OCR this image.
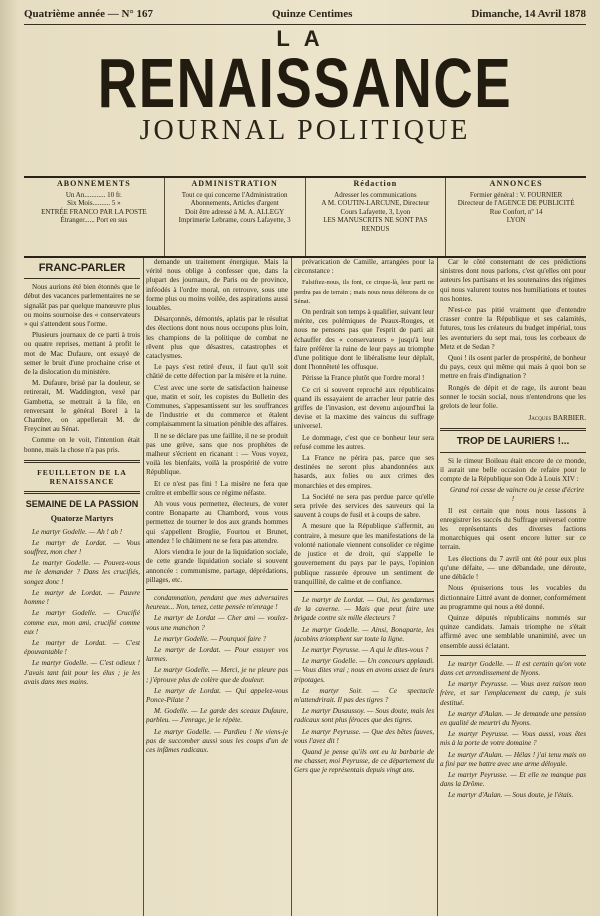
Quatrième année — N° 167	Quinze Centimes	Dimanche, 14 Avril 1878
LA
RENAISSANCE
JOURNAL POLITIQUE
ABONNEMENTS
Un An............ 10 fr.
Six Mois.......... 5 »
ENTRÉE FRANCO PAR LA POSTE
Étranger...... Port en sus
ADMINISTRATION
Tout ce qui concerne l'Administration
Abonnements, Articles d'argent
Doit être adressé à M. A. ALLEGY
Imprimerie Lebrame, cours Lafayette, 3
Rédaction
Adresser les communications
A M. COUTIN-LARCUNE, Directeur
Cours Lafayette, 3, Lyon
LES MANUSCRITS NE SONT PAS RENDUS
ANNONCES
Fermier général : V. FOURNIER
Directeur de l'AGENCE DE PUBLICITÉ
Rue Confort, nº 14
LYON
FRANC-PARLER

Nous aurions été bien étonnés que le début des vacances parlementaires ne se signalât pas par quelque manœuvre plus ou moins sournoise des « conservateurs » qui s'attendent sous l'orme.

Plusieurs journaux de ce parti à trois ou quatre reprises, mettant à profit le mot de Mac Dufaure, ont essayé de semer le bruit d'une prochaine crise et de la dislocation du ministère.

M. Dufaure, brisé par la douleur, se retirerait, M. Waddington, vexé par Gambetta, se mettrait à la file, en renversant le général Borel à la Chambre, on appellerait M. de Freycinet au Sénat.

Comme on le voit, l'intention était bonne, mais la chose n'a pas pris.

FEUILLETON DE LA RENAISSANCE
SEMAINE DE LA PASSION
Quatorze Martyrs

Le martyr Godelle. — Ah ! ah !

Le martyr de Lordat. — Vous souffrez, mon cher !

Le martyr Godelle. — Pouvez-vous me le demander ? Dans les crucifiés, songez donc !

Le martyr de Lordat. — Pauvre homme !

Le martyr Godelle. — Crucifié comme eux, mon ami, crucifié comme eux !

Le martyr de Lordat. — C'est épouvantable !

Le martyr Godelle. — C'est odieux ! J'avais tant fait pour les élus ; je les avais dans mes mains.

demande un traitement énergique. Mais la vérité nous oblige à confesser que, dans la plupart des journaux, de Paris ou de province, inféodés à l'ordre moral, on retrouve, sous une forme plus ou moins voilée, des aspirations aussi louables.

Désarçonnés, démontés, aplatis par le résultat des élections dont nous nous occupons plus loin, les champions de la politique de combat ne rêvent plus que désastres, catastrophes et cataclysmes.

Le pays s'est retiré d'eux, il faut qu'il soit châtié de cette défection par la misère et la ruine.

C'est avec une sorte de satisfaction haineuse que, matin et soir, les copistes du Bulletin des Communes, s'appesantissent sur les souffrances de l'industrie et du commerce et étalent complaisamment la situation pénible des affaires.

Il ne se déclare pas une faillite, il ne se produit pas une grève, sans que nos prophètes de malheur s'écrient en ricanant : — Vous voyez, voilà les bienfaits, voilà la prospérité de votre République.

Et ce n'est pas fini ! La misère ne fera que croître et embellir sous ce régime néfaste.

Ah vous vous permettez, électeurs, de voter contre Bonaparte au Chambord, vous vous permettez de tourner le dos aux grands hommes qui s'appellent Broglie, Fourtou et Brunet, attendez ! le châtiment ne se fera pas attendre.

Alors viendra le jour de la liquidation sociale, de cette grande liquidation sociale si souvent annoncée : communisme, partage, déprédations, pillages, etc.

condamnation, pendant que mes adversaires heureux... Non, tenez, cette pensée m'enrage !

Le martyr de Lordat — Cher ami — voulez-vous une manchon ?

Le martyr Godelle. — Pourquoi faire ?

Le martyr de Lordat. — Pour essuyer vos larmes.

Le martyr Godelle. — Merci, je ne pleure pas ; j'éprouve plus de colère que de douleur.

Le martyr de Lordat. — Qui appelez-vous Ponce-Pilate ?

M. Godelle. — Le garde des sceaux Dufaure, parbleu. — J'enrage, je le répète.

Le martyr Godelle. — Pardieu ! Ne viens-je pas de succomber aussi sous les coups d'un de ces infâmes radicaux.

prévarication de Camille, arrangées pour la circonstance :

Falsifiez-nous, ils font, ce cirque-là, leur parti ne perdra pas de terrain ; mais nous nous déferons de ce Sénat.

On perdrait son temps à qualifier, suivant leur mérite, ces polémiques de Peaux-Rouges, et nous ne pensons pas que l'esprit de parti ait échauffer des « conservateurs » jusqu'à leur faire préférer la ruine de leur pays au triomphe d'une politique dont le libéralisme leur déplaît, dont l'honnêteté les offusque.

Périsse la France plutôt que l'ordre moral !

Ce cri si souvent reproché aux républicains quand ils essayaient de arracher leur patrie des griffes de l'invasion, est devenu aujourd'hui la devise et la maxime des vaincus du suffrage universel.

Le dommage, c'est que ce bonheur leur sera refusé comme les autres.

La France ne périra pas, parce que ses destinées ne seront plus abandonnées aux hasards, aux folies ou aux crimes des monarchies et des empires.

La Société ne sera pas perdue parce qu'elle sera privée des services des sauveurs qui la sauvent à coups de fusil et à coups de sabre.

A mesure que la République s'affermit, au contraire, à mesure que les manifestations de la volonté nationale viennent consolider ce régime de justice et de droit, qui s'appelle le gouvernement du pays par le pays, l'opinion publique rassurée éprouve un sentiment de tranquillité, de calme et de confiance.

Le martyr de Lordat. — Oui, les gendarmes de la caverne. — Mais que peut faire une brigade contre six mille électeurs ?

Le martyr Godelle. — Ainsi, Bonaparte, les jacobins triomphent sur toute la ligne.

Le martyr Peyrusse. — A qui le dites-vous ?

Le martyr Godelle. — Un concours applaudi. — Vous dites vrai ; nous en avons assez de leurs tripotages.

Le martyr Soir. — Ce spectacle m'attendrirait. Il pas des tigres ?

Le martyr Dusaussoy. — Sous doute, mais les radicaux sont plus féroces que des tigres.

Le martyr Peyrusse. — Que des bêtes fauves, vous l'avez dit !

Quand je pense qu'ils ont eu la barbarie de me chasser, moi Peyrusse, de ce département du Gers que je représentais depuis vingt ans.

Car le côté consternant de ces prédictions sinistres dont nous parlons, c'est qu'elles ont pour auteurs les partisans et les soutenaires des régimes qui nous valurent toutes nos humiliations et toutes nos hontes.

N'est-ce pas pitié vraiment que d'entendre crasser contre la République et ses calamités, futures, tous les créateurs du budget impérial, tous les aventuriers du sept mai, tous les corbeaux de Metz et de Sedan ?

Quoi ! ils osent parler de prospérité, de bonheur du pays, ceux qui même qui mais à quoi bon se mettre en frais d'indignation ?

Rongés de dépit et de rage, ils auront beau sonner le tocsin social, nous n'entendrons que les grelots de leur folie.

Jacques BARBIER.
TROP DE LAURIERS !...

Si le rimeur Boileau était encore de ce monde, il aurait une belle occasion de refaire pour le compte de la République son Ode à Louis XIV :

Grand roi cesse de vaincre ou je cesse d'écrire !

Il est certain que nous nous lassons à enregistrer les succès du Suffrage universel contre les représentants des diverses factions monarchiques qui osent encore lutter sur ce terrain.

Les élections du 7 avril ont été pour eux plus qu'une défaite, — une débandade, une déroute, une débâcle !

Nous épuiserions tous les vocables du dictionnaire Littré avant de donner, conformément au programme qui nous a été donné.

Quinze députés républicains nommés sur quinze candidats. Jamais triomphe ne s'était affirmé avec une semblable unanimité, avec un ensemble aussi éclatant.

Le martyr Godelle. — Il est certain qu'on vote dans cet arrondissement de Nyons.

Le martyr Peyrusse. — Vous avez raison mon frère, et sur l'emplacement du camp, je suis destitué.

Le martyr d'Aulan. — Je demande une pension en qualité de meurtri du Nyons.

Le martyr Peyrusse. — Vous aussi, vous êtes mis à la porte de votre domaine ?

Le martyr d'Aulan. — Hélas ! j'ai tenu mais on a fini par me battre avec une arme déloyale.

Le martyr Peyrusse. — Et elle ne manque pas dans la Drôme.

Le martyr d'Aulan. — Sous doute, je l'étais.
